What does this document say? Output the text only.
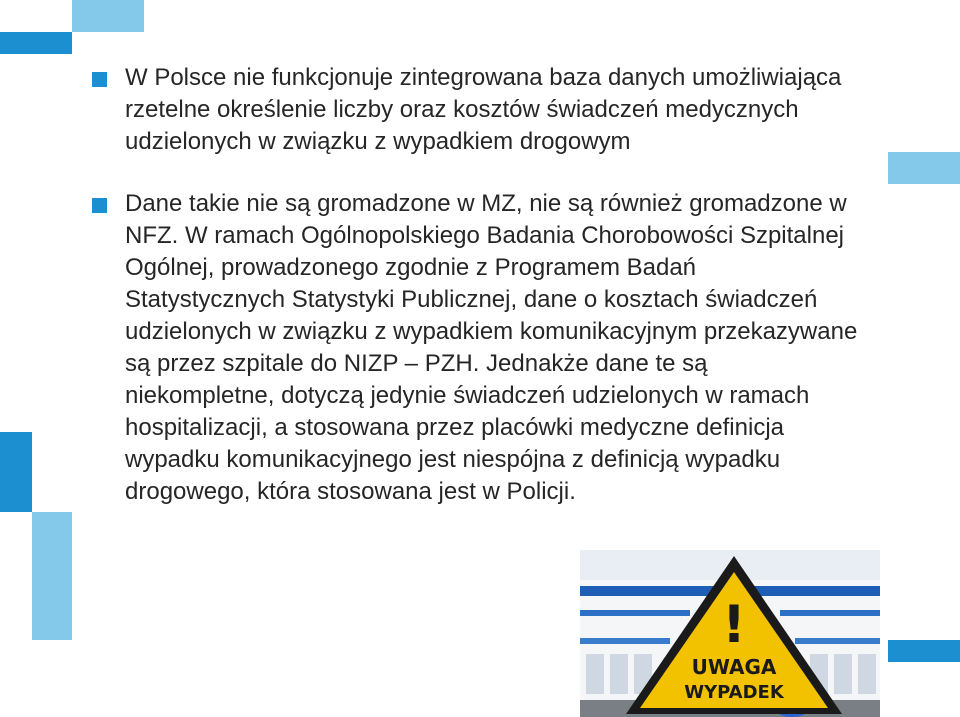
W Polsce nie funkcjonuje zintegrowana baza danych umożliwiająca rzetelne określenie liczby oraz kosztów świadczeń medycznych udzielonych w związku z wypadkiem drogowym
Dane takie nie są gromadzone w MZ, nie są również gromadzone w NFZ. W ramach Ogólnopolskiego Badania Chorobowości Szpitalnej Ogólnej, prowadzonego zgodnie z Programem Badań Statystycznych Statystyki Publicznej, dane o kosztach świadczeń udzielonych w związku z wypadkiem komunikacyjnym przekazywane są przez szpitale do NIZP – PZH. Jednakże dane te są niekompletne, dotyczą jedynie świadczeń udzielonych w ramach hospitalizacji, a stosowana przez placówki medyczne definicja wypadku komunikacyjnego jest niespójna z definicją wypadku drogowego, która stosowana jest w Policji.
!
UWAGA
WYPADEK
